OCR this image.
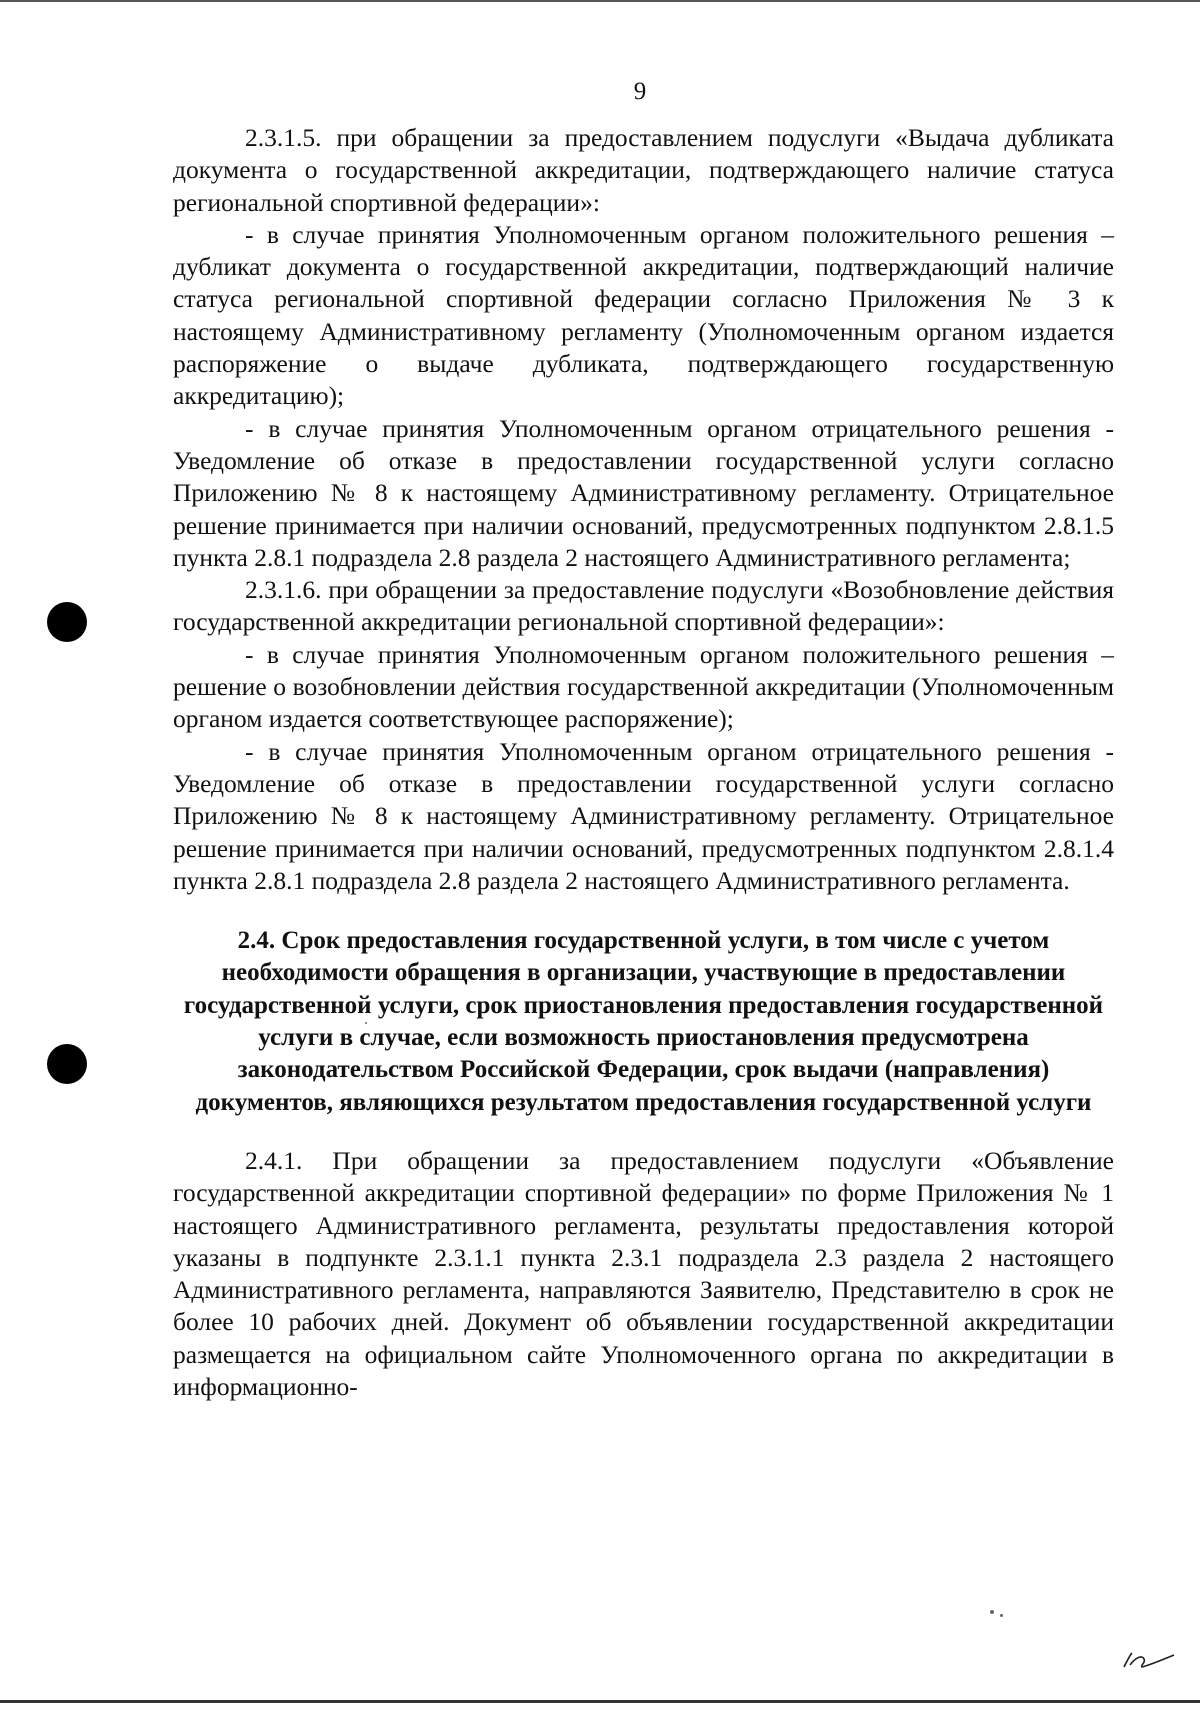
9

2.3.1.5. при обращении за предоставлением подуслуги «Выдача дубликата документа о государственной аккредитации, подтверждающего наличие статуса региональной спортивной федерации»:

- в случае принятия Уполномоченным органом положительного решения – дубликат документа о государственной аккредитации, подтверждающий наличие статуса региональной спортивной федерации согласно Приложения № 3 к настоящему Административному регламенту (Уполномоченным органом издается распоряжение о выдаче дубликата, подтверждающего государственную аккредитацию);

- в случае принятия Уполномоченным органом отрицательного решения - Уведомление об отказе в предоставлении государственной услуги согласно Приложению № 8 к настоящему Административному регламенту. Отрицательное решение принимается при наличии оснований, предусмотренных подпунктом 2.8.1.5 пункта 2.8.1 подраздела 2.8 раздела 2 настоящего Административного регламента;

2.3.1.6. при обращении за предоставление подуслуги «Возобновление действия государственной аккредитации региональной спортивной федерации»:

- в случае принятия Уполномоченным органом положительного решения – решение о возобновлении действия государственной аккредитации (Уполномоченным органом издается соответствующее распоряжение);

- в случае принятия Уполномоченным органом отрицательного решения - Уведомление об отказе в предоставлении государственной услуги согласно Приложению № 8 к настоящему Административному регламенту. Отрицательное решение принимается при наличии оснований, предусмотренных подпунктом 2.8.1.4 пункта 2.8.1 подраздела 2.8 раздела 2 настоящего Административного регламента.

2.4. Срок предоставления государственной услуги, в том числе с учетом необходимости обращения в организации, участвующие в предоставлении государственной услуги, срок приостановления предоставления государственной услуги в случае, если возможность приостановления предусмотрена законодательством Российской Федерации, срок выдачи (направления) документов, являющихся результатом предоставления государственной услуги

2.4.1. При обращении за предоставлением подуслуги «Объявление государственной аккредитации спортивной федерации» по форме Приложения № 1 настоящего Административного регламента, результаты предоставления которой указаны в подпункте 2.3.1.1 пункта 2.3.1 подраздела 2.3 раздела 2 настоящего Административного регламента, направляются Заявителю, Представителю в срок не более 10 рабочих дней. Документ об объявлении государственной аккредитации размещается на официальном сайте Уполномоченного органа по аккредитации в информационно-
